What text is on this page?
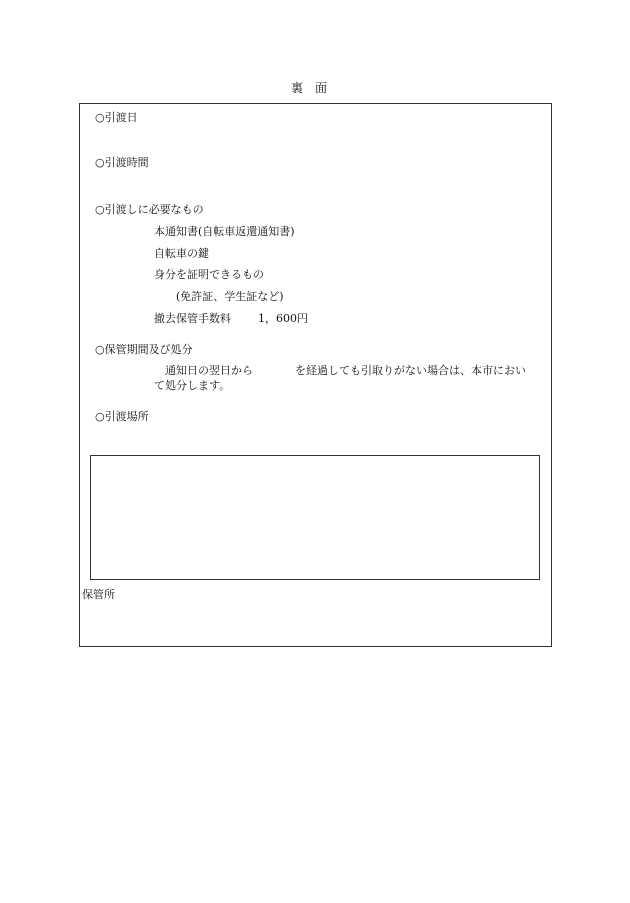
裏　面
○引渡日
○引渡時間
○引渡しに必要なもの
本通知書(自転車返還通知書)
自転車の鍵
身分を証明できるもの
(免許証、学生証など)
撤去保管手数料 1，600円
○保管期間及び処分
通知日の翌日から	を経過しても引取りがない場合は、本市におい
て処分します。
○引渡場所
保管所
